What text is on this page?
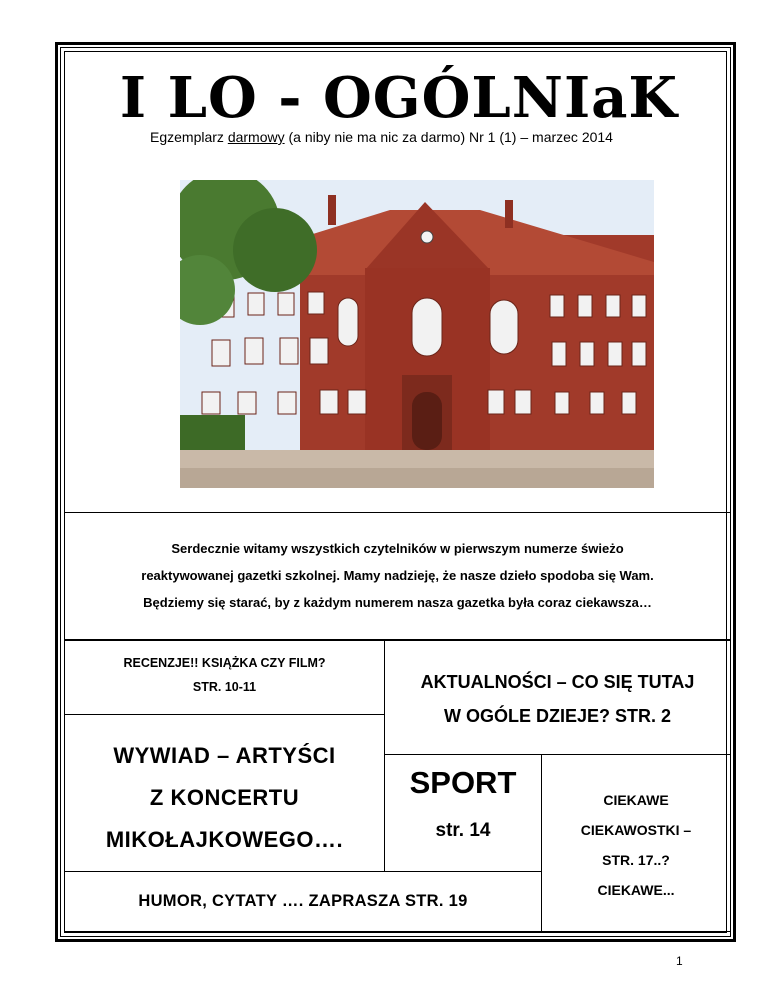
I LO - OGÓLNIaK
Egzemplarz darmowy (a niby nie ma nic za darmo) Nr 1 (1) – marzec 2014
Serdecznie witamy wszystkich czytelników w pierwszym numerze świeżo
reaktywowanej gazetki szkolnej. Mamy nadzieję, że nasze dzieło spodoba się Wam.
Będziemy się starać, by z każdym numerem nasza gazetka była coraz ciekawsza…
RECENZJE!! KSIĄŻKA CZY FILM?
STR. 10-11	AKTUALNOŚCI – CO SIĘ TUTAJ
W OGÓLE DZIEJE? STR. 2
WYWIAD – ARTYŚCI
Z KONCERTU
MIKOŁAJKOWEGO….
SPORT
str. 14
CIEKAWE
CIEKAWOSTKI –
STR. 17..?
CIEKAWE...
HUMOR, CYTATY …. ZAPRASZA STR. 19
1
